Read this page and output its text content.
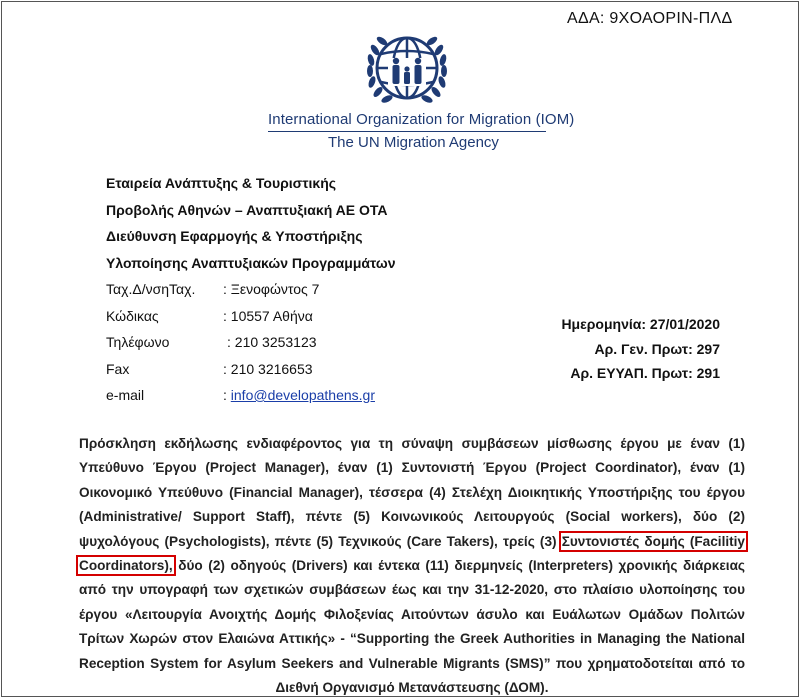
ΑΔΑ: 9ΧΟΑΟΡΙΝ-ΠΛΔ
International Organization for Migration (IOM)
The UN Migration Agency
Εταιρεία Ανάπτυξης & Τουριστικής
Προβολής Αθηνών – Αναπτυξιακή ΑΕ ΟΤΑ
Διεύθυνση Εφαρμογής & Υποστήριξης
Υλοποίησης Αναπτυξιακών Προγραμμάτων
Ταχ.Δ/νσηΤαχ.	: Ξενοφώντος 7
Κώδικας	: 10557 Αθήνα
Τηλέφωνο	: 210 3253123
Fax	: 210 3216653
e-mail	: info@developathens.gr
Ημερομηνία: 27/01/2020
Αρ. Γεν. Πρωτ: 297
Αρ. ΕΥΥΑΠ. Πρωτ: 291
Πρόσκληση εκδήλωσης ενδιαφέροντος για τη σύναψη συμβάσεων μίσθωσης έργου με έναν (1)
Υπεύθυνο Έργου (Project Manager), έναν (1) Συντονιστή Έργου (Project Coordinator), έναν (1)
Οικονομικό Υπεύθυνο (Financial Manager), τέσσερα (4) Στελέχη Διοικητικής Υποστήριξης του έργου
(Administrative/ Support Staff), πέντε (5) Κοινωνικούς Λειτουργούς (Social workers), δύο (2)
ψυχολόγους (Psychologists), πέντε (5) Τεχνικούς (Care Takers), τρείς (3) Συντονιστές δομής (Facilitiy
Coordinators), δύο (2) οδηγούς (Drivers) και έντεκα (11) διερμηνείς (Interpreters) χρονικής διάρκειας
από την υπογραφή των σχετικών συμβάσεων έως και την 31-12-2020, στο πλαίσιο υλοποίησης του
έργου «Λειτουργία Ανοιχτής Δομής Φιλοξενίας Αιτούντων άσυλο και Ευάλωτων Ομάδων Πολιτών
Τρίτων Χωρών στον Ελαιώνα Αττικής» - “Supporting the Greek Authorities in Managing the National
Reception System for Asylum Seekers and Vulnerable Migrants (SMS)” που χρηματοδοτείται από το
Διεθνή Οργανισμό Μετανάστευσης (ΔΟΜ).
